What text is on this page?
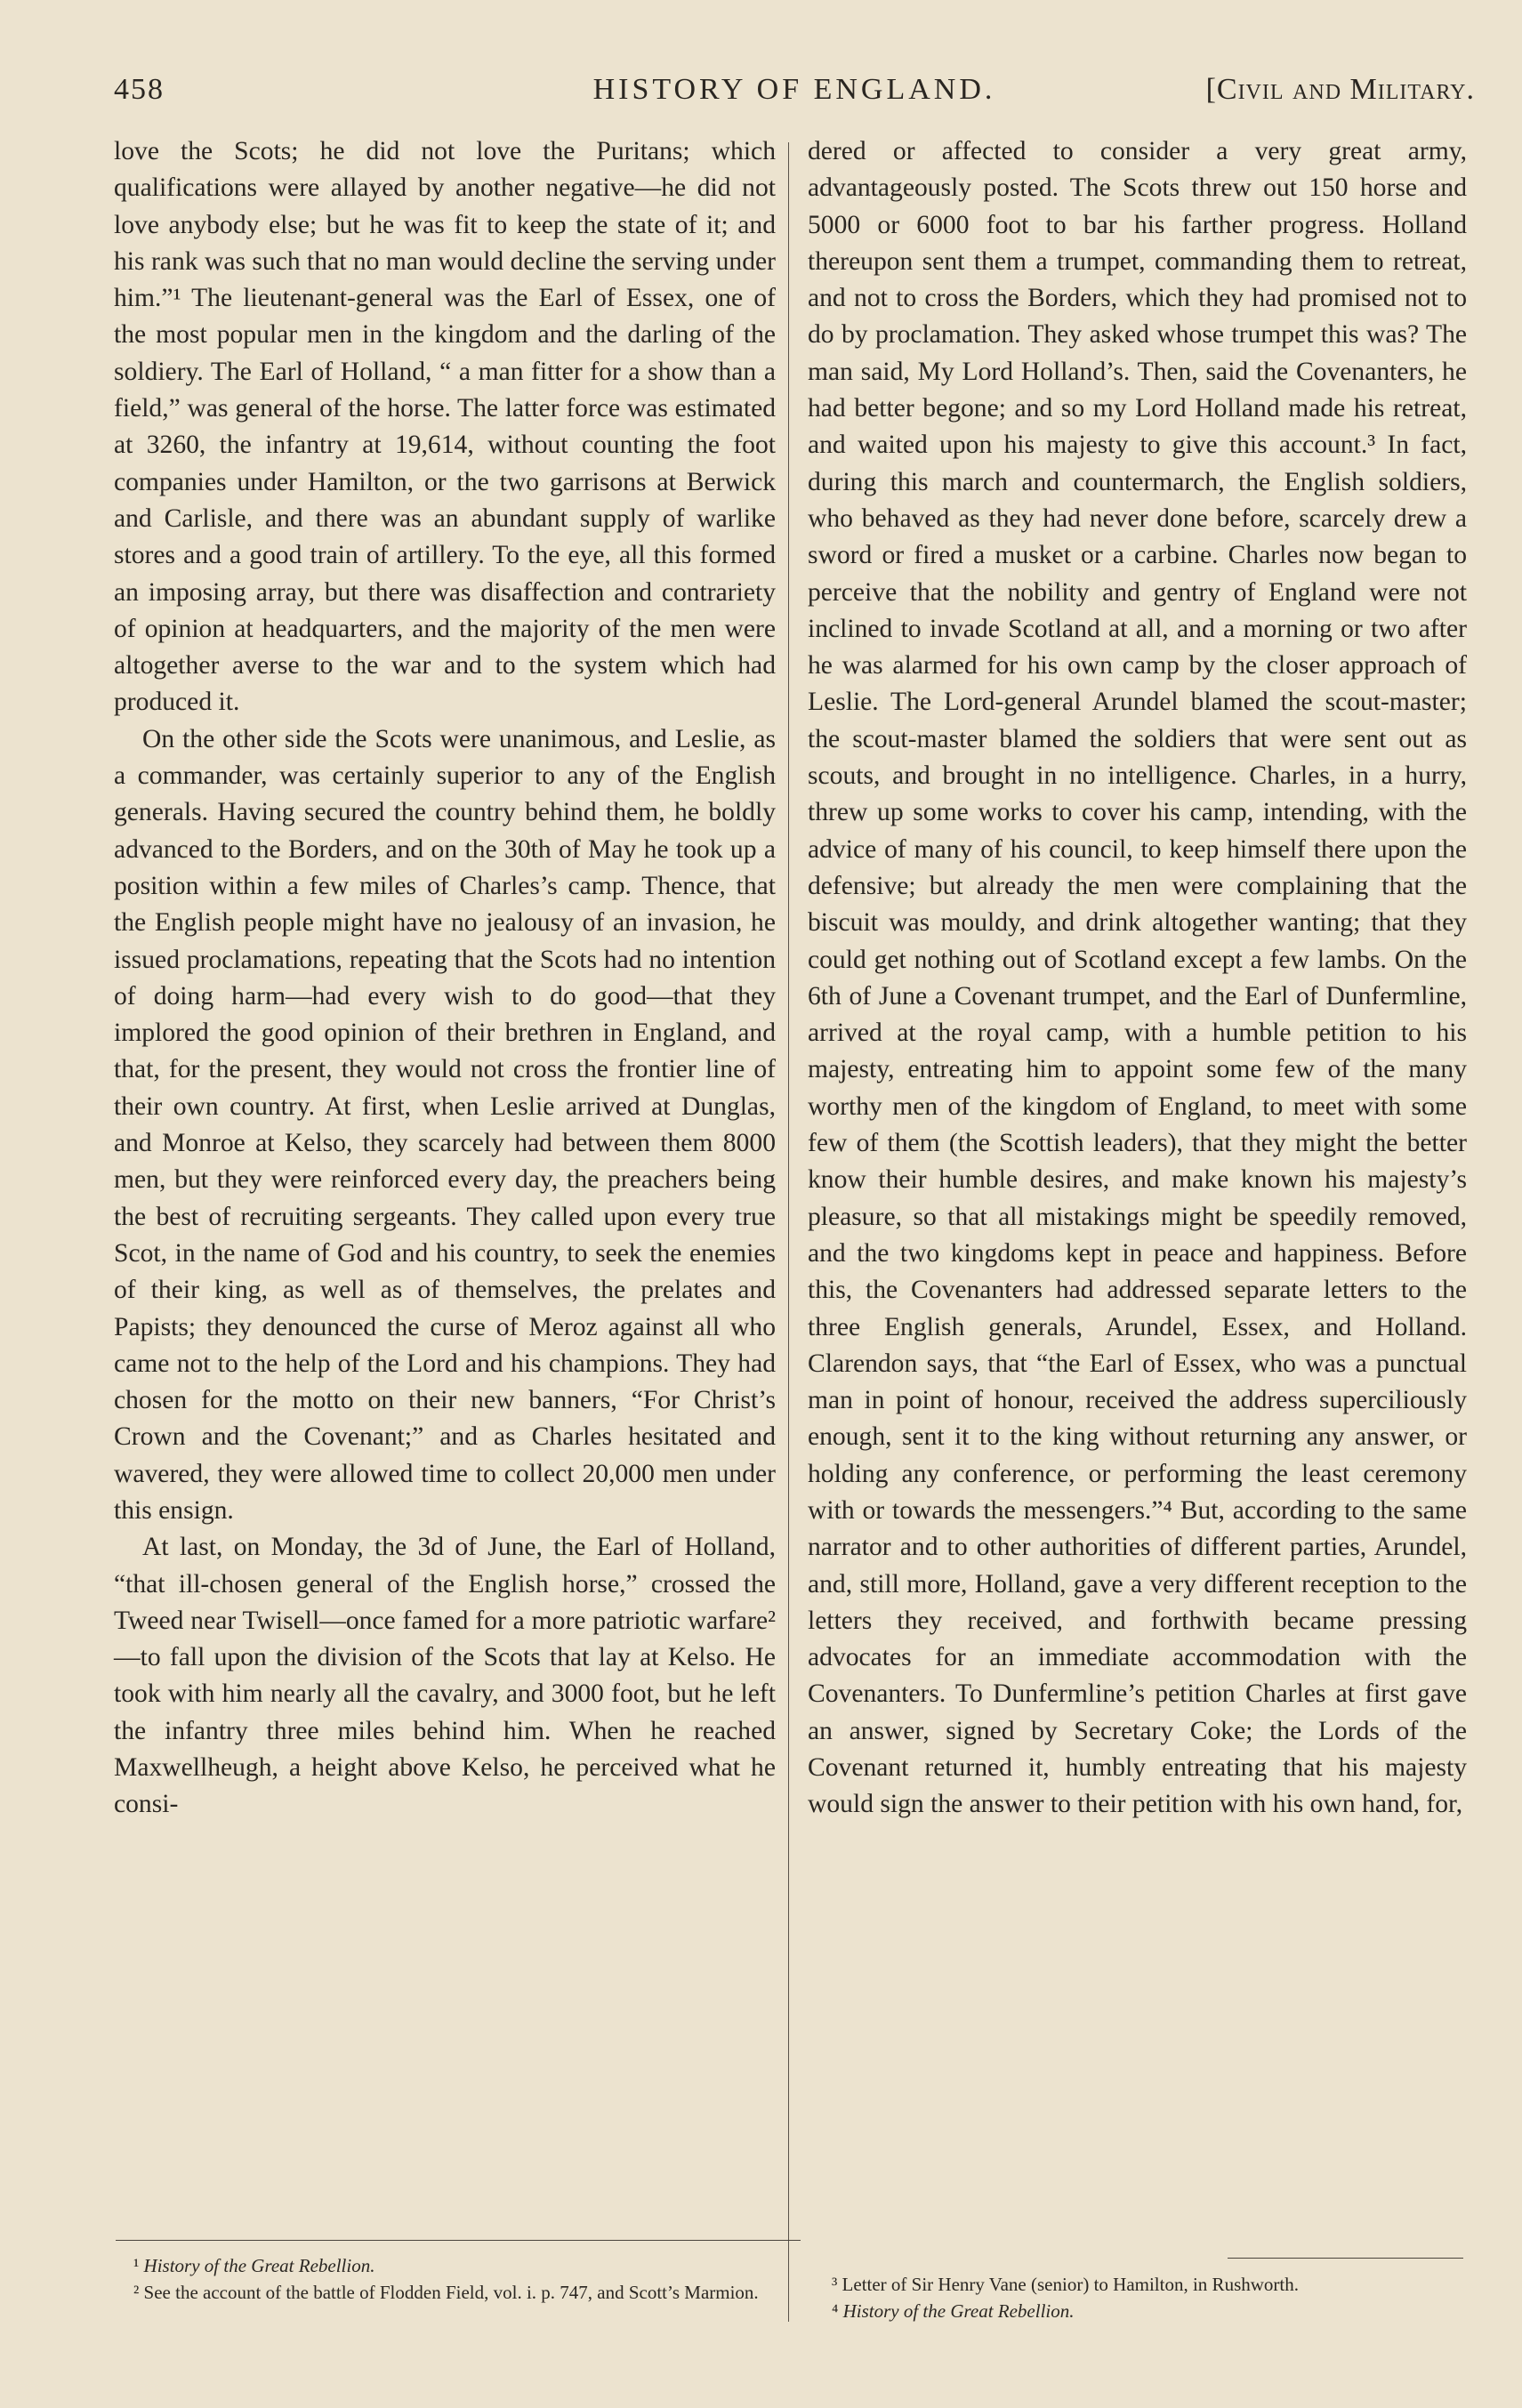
458	HISTORY OF ENGLAND.	[Civil and Military.

love the Scots; he did not love the Puritans; which qualifications were allayed by another negative—he did not love anybody else; but he was fit to keep the state of it; and his rank was such that no man would decline the serving under him.”¹ The lieutenant-general was the Earl of Essex, one of the most popular men in the kingdom and the darling of the soldiery. The Earl of Holland, “ a man fitter for a show than a field,” was general of the horse. The latter force was estimated at 3260, the infantry at 19,614, without counting the foot companies under Hamilton, or the two garrisons at Berwick and Carlisle, and there was an abundant supply of warlike stores and a good train of artillery. To the eye, all this formed an imposing array, but there was disaffection and contrariety of opinion at headquarters, and the majority of the men were altogether averse to the war and to the system which had produced it.

On the other side the Scots were unanimous, and Leslie, as a commander, was certainly superior to any of the English generals. Having secured the country behind them, he boldly advanced to the Borders, and on the 30th of May he took up a position within a few miles of Charles’s camp. Thence, that the English people might have no jealousy of an invasion, he issued proclamations, repeating that the Scots had no intention of doing harm—had every wish to do good—that they implored the good opinion of their brethren in England, and that, for the present, they would not cross the frontier line of their own country. At first, when Leslie arrived at Dunglas, and Monroe at Kelso, they scarcely had between them 8000 men, but they were reinforced every day, the preachers being the best of recruiting sergeants. They called upon every true Scot, in the name of God and his country, to seek the enemies of their king, as well as of themselves, the prelates and Papists; they denounced the curse of Meroz against all who came not to the help of the Lord and his champions. They had chosen for the motto on their new banners, “For Christ’s Crown and the Covenant;” and as Charles hesitated and wavered, they were allowed time to collect 20,000 men under this ensign.

At last, on Monday, the 3d of June, the Earl of Holland, “that ill-chosen general of the English horse,” crossed the Tweed near Twisell—once famed for a more patriotic warfare²—to fall upon the division of the Scots that lay at Kelso. He took with him nearly all the cavalry, and 3000 foot, but he left the infantry three miles behind him. When he reached Maxwellheugh, a height above Kelso, he perceived what he consi-

dered or affected to consider a very great army, advantageously posted. The Scots threw out 150 horse and 5000 or 6000 foot to bar his farther progress. Holland thereupon sent them a trumpet, commanding them to retreat, and not to cross the Borders, which they had promised not to do by proclamation. They asked whose trumpet this was? The man said, My Lord Holland’s. Then, said the Covenanters, he had better begone; and so my Lord Holland made his retreat, and waited upon his majesty to give this account.³ In fact, during this march and countermarch, the English soldiers, who behaved as they had never done before, scarcely drew a sword or fired a musket or a carbine. Charles now began to perceive that the nobility and gentry of England were not inclined to invade Scotland at all, and a morning or two after he was alarmed for his own camp by the closer approach of Leslie. The Lord-general Arundel blamed the scout-master; the scout-master blamed the soldiers that were sent out as scouts, and brought in no intelligence. Charles, in a hurry, threw up some works to cover his camp, intending, with the advice of many of his council, to keep himself there upon the defensive; but already the men were complaining that the biscuit was mouldy, and drink altogether wanting; that they could get nothing out of Scotland except a few lambs. On the 6th of June a Covenant trumpet, and the Earl of Dunfermline, arrived at the royal camp, with a humble petition to his majesty, entreating him to appoint some few of the many worthy men of the kingdom of England, to meet with some few of them (the Scottish leaders), that they might the better know their humble desires, and make known his majesty’s pleasure, so that all mistakings might be speedily removed, and the two kingdoms kept in peace and happiness. Before this, the Covenanters had addressed separate letters to the three English generals, Arundel, Essex, and Holland. Clarendon says, that “the Earl of Essex, who was a punctual man in point of honour, received the address superciliously enough, sent it to the king without returning any answer, or holding any conference, or performing the least ceremony with or towards the messengers.”⁴ But, according to the same narrator and to other authorities of different parties, Arundel, and, still more, Holland, gave a very different reception to the letters they received, and forthwith became pressing advocates for an immediate accommodation with the Covenanters. To Dunfermline’s petition Charles at first gave an answer, signed by Secretary Coke; the Lords of the Covenant returned it, humbly entreating that his majesty would sign the answer to their petition with his own hand, for,

¹ History of the Great Rebellion.

² See the account of the battle of Flodden Field, vol. i. p. 747, and Scott’s Marmion.	³ Letter of Sir Henry Vane (senior) to Hamilton, in Rushworth.

⁴ History of the Great Rebellion.
